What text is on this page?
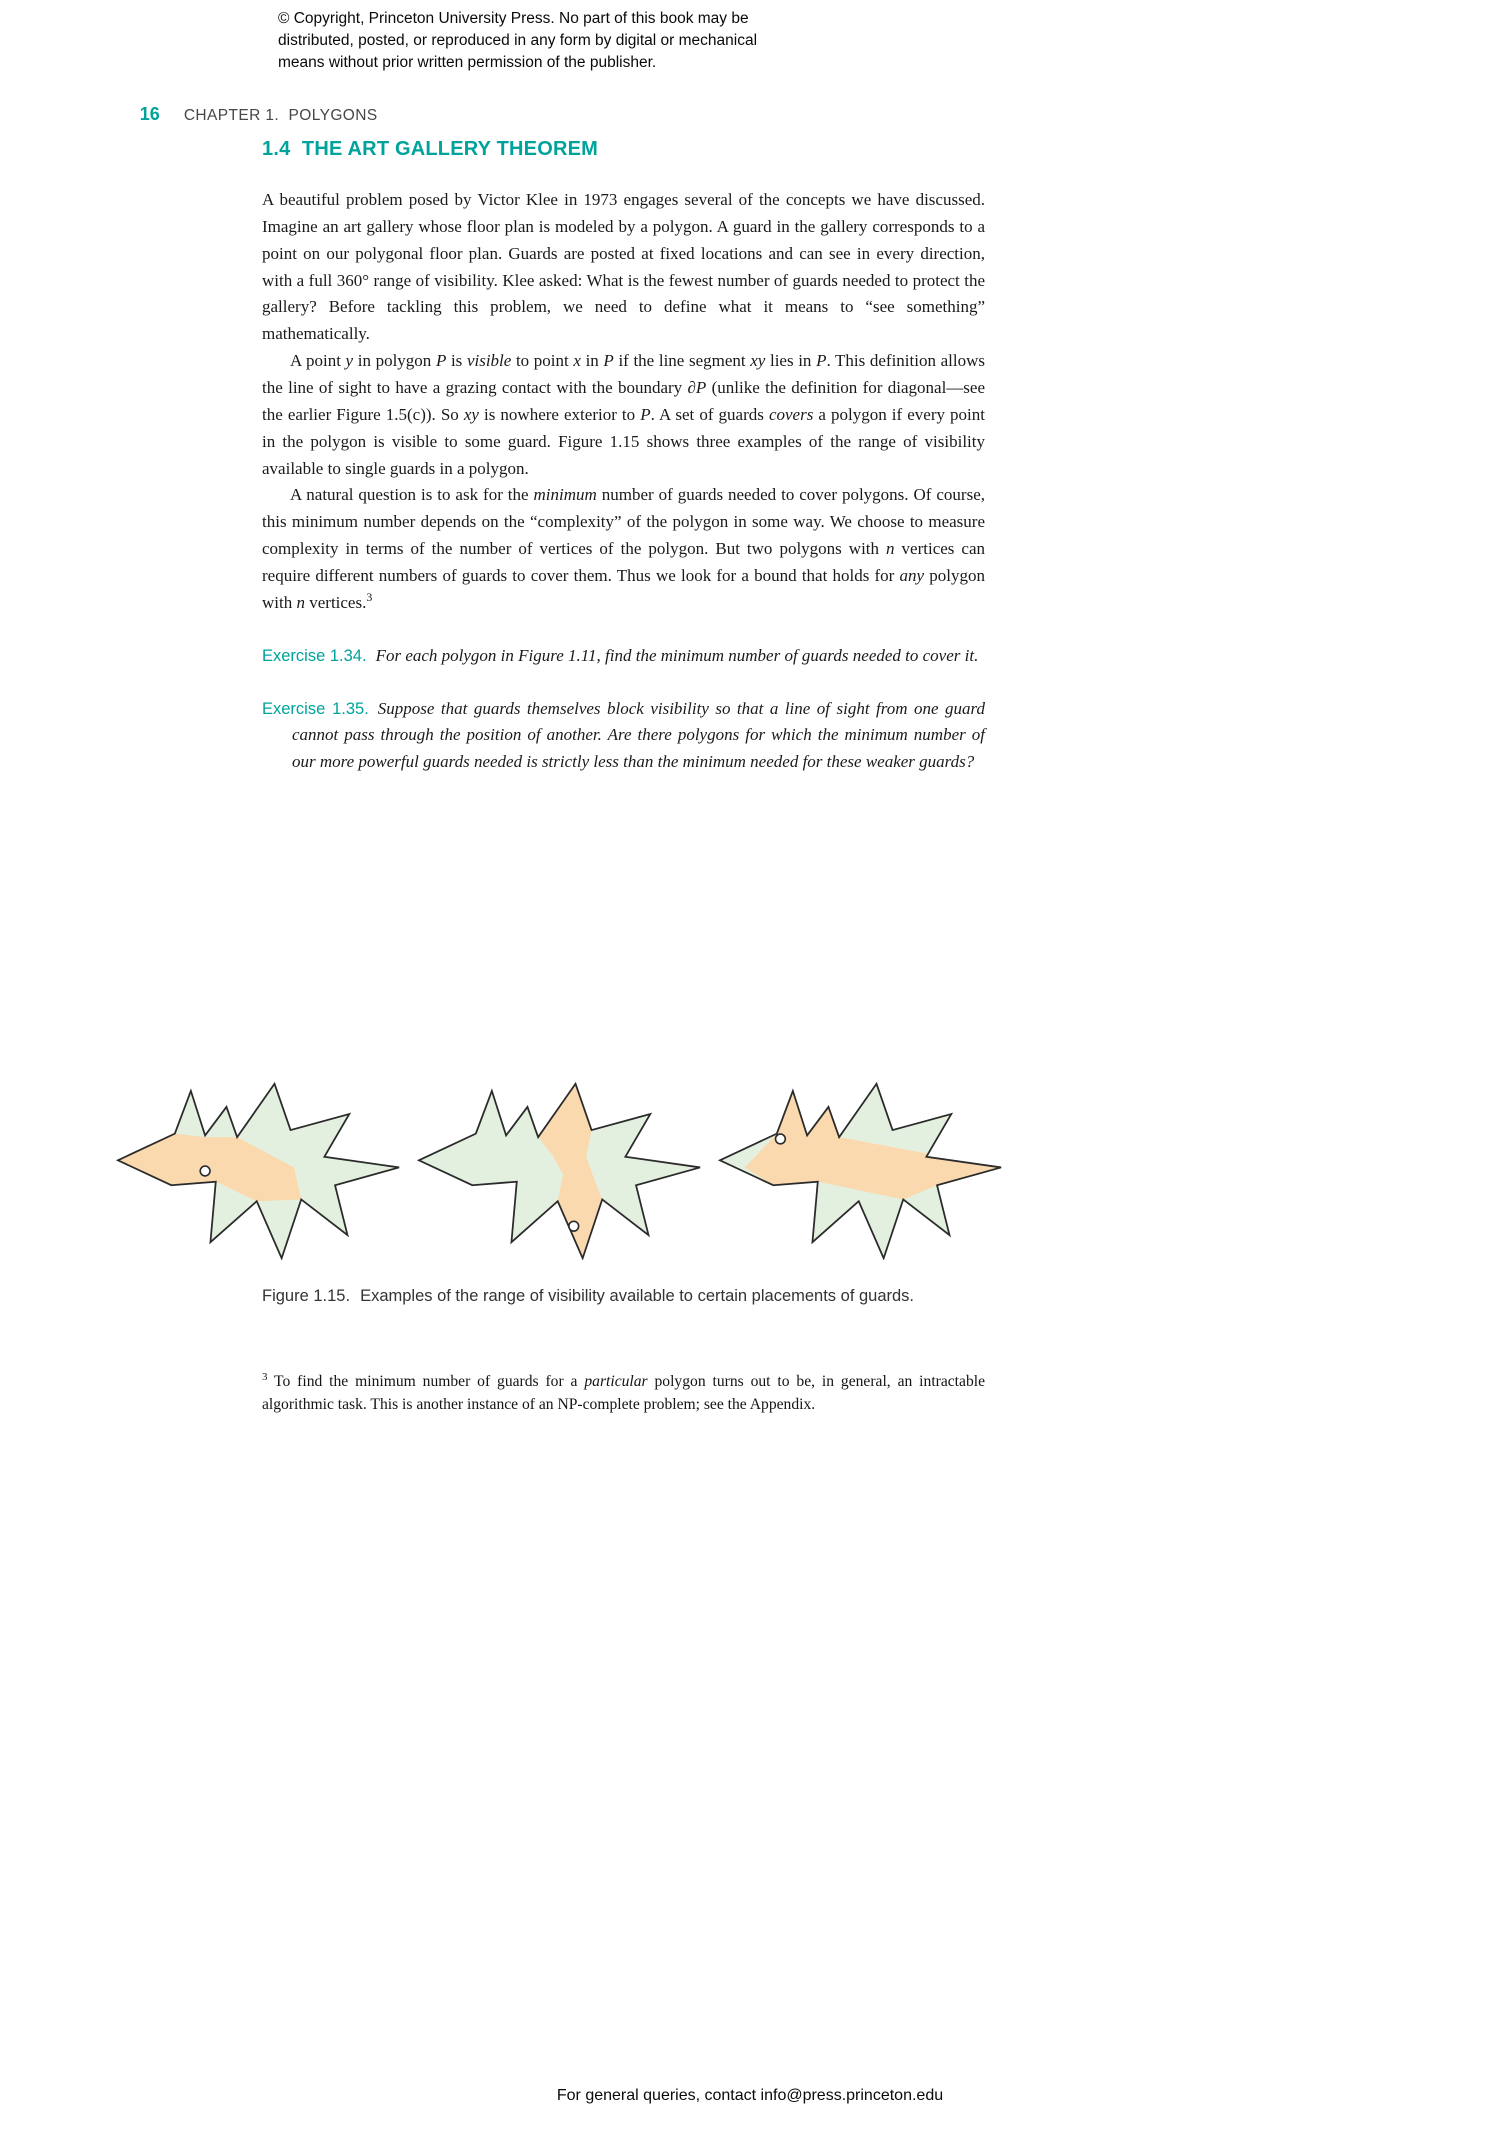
© Copyright, Princeton University Press. No part of this book may be
distributed, posted, or reproduced in any form by digital or mechanical
means without prior written permission of the publisher.

16 CHAPTER 1.  POLYGONS

1.4  THE ART GALLERY THEOREM

A beautiful problem posed by Victor Klee in 1973 engages several of the concepts we have discussed. Imagine an art gallery whose floor plan is modeled by a polygon. A guard in the gallery corresponds to a point on our polygonal floor plan. Guards are posted at fixed locations and can see in every direction, with a full 360° range of visibility. Klee asked: What is the fewest number of guards needed to protect the gallery? Before tackling this problem, we need to define what it means to “see something” mathematically.

A point y in polygon P is visible to point x in P if the line segment xy lies in P. This definition allows the line of sight to have a grazing contact with the boundary ∂P (unlike the definition for diagonal—see the earlier Figure 1.5(c)). So xy is nowhere exterior to P. A set of guards covers a polygon if every point in the polygon is visible to some guard. Figure 1.15 shows three examples of the range of visibility available to single guards in a polygon.

A natural question is to ask for the minimum number of guards needed to cover polygons. Of course, this minimum number depends on the “complexity” of the polygon in some way. We choose to measure complexity in terms of the number of vertices of the polygon. But two polygons with n vertices can require different numbers of guards to cover them. Thus we look for a bound that holds for any polygon with n vertices.$^3$

Exercise 1.34. For each polygon in Figure 1.11, find the minimum number of guards needed to cover it.
Exercise 1.35. Suppose that guards themselves block visibility so that a line of sight from one guard cannot pass through the position of another. Are there polygons for which the minimum number of our more powerful guards needed is strictly less than the minimum needed for these weaker guards?
Figure 1.15. Examples of the range of visibility available to certain placements of guards.
$^3$ To find the minimum number of guards for a particular polygon turns out to be, in general, an intractable algorithmic task. This is another instance of an NP-complete problem; see the Appendix.
For general queries, contact info@press.princeton.edu
